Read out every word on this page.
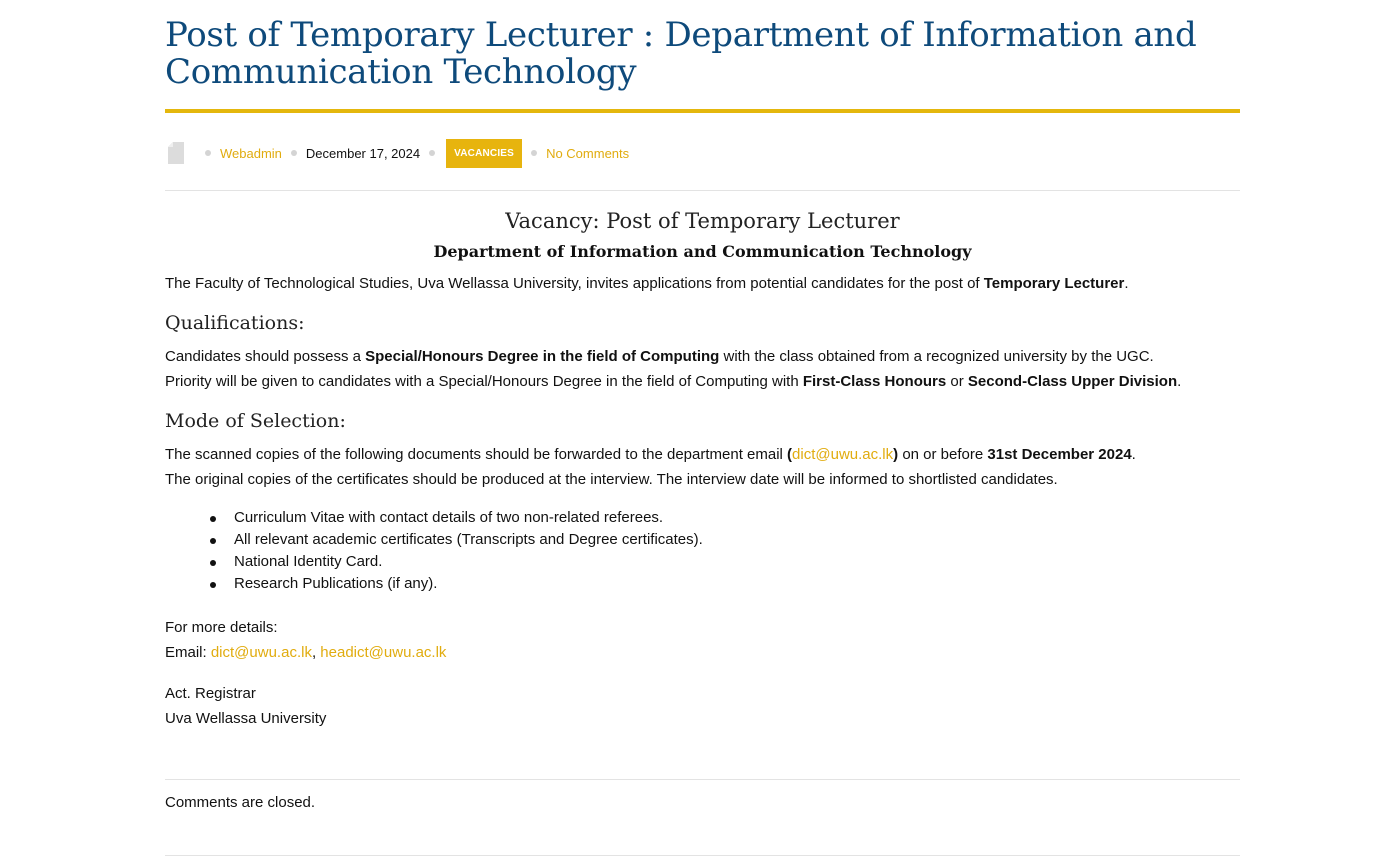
Post of Temporary Lecturer : Department of Information and Communication Technology
Webadmin December 17, 2024	VACANCIES	No Comments
Vacancy: Post of Temporary Lecturer
Department of Information and Communication Technology

The Faculty of Technological Studies, Uva Wellassa University, invites applications from potential candidates for the post of Temporary Lecturer.

Qualifications:

Candidates should possess a Special/Honours Degree in the field of Computing with the class obtained from a recognized university by the UGC.

Priority will be given to candidates with a Special/Honours Degree in the field of Computing with First-Class Honours or Second-Class Upper Division.

Mode of Selection:

The scanned copies of the following documents should be forwarded to the department email (dict@uwu.ac.lk) on or before 31st December 2024.

The original copies of the certificates should be produced at the interview. The interview date will be informed to shortlisted candidates.

Curriculum Vitae with contact details of two non-related referees.
All relevant academic certificates (Transcripts and Degree certificates).
National Identity Card.
Research Publications (if any).

For more details:

Email: dict@uwu.ac.lk, headict@uwu.ac.lk

Act. Registrar

Uva Wellassa University

Comments are closed.
